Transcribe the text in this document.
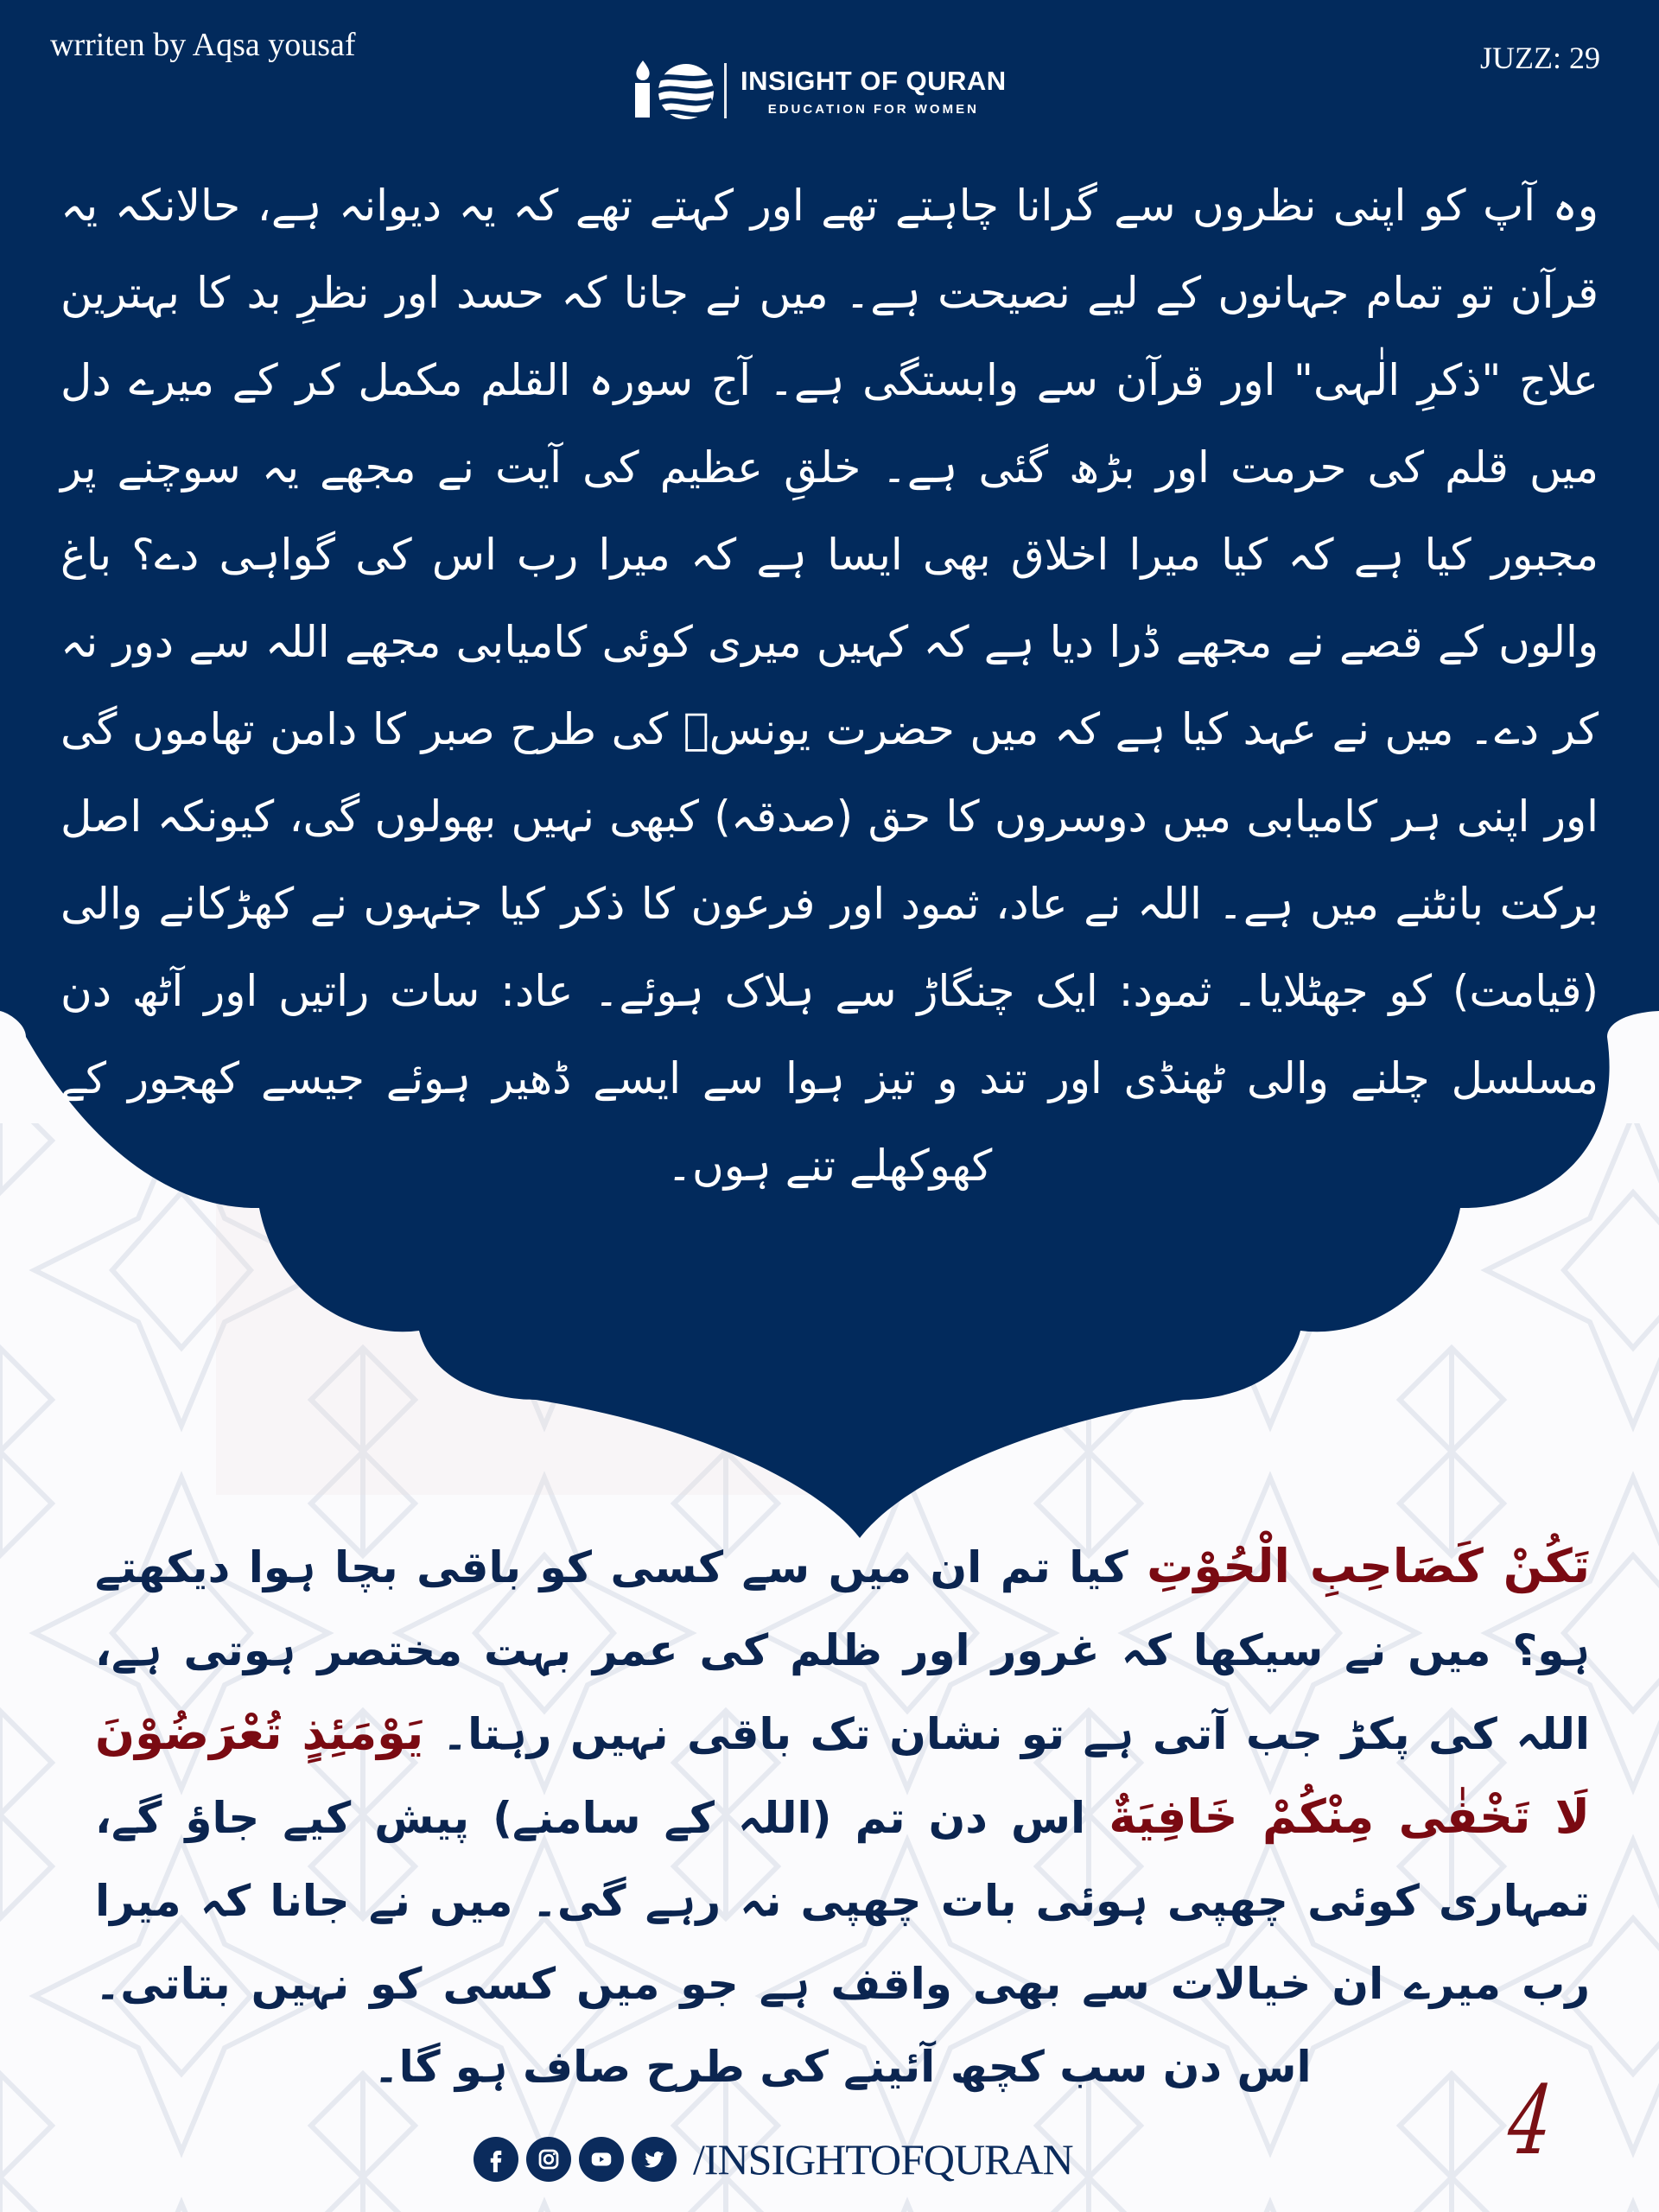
wrriten by Aqsa yousaf	JUZZ: 29
INSIGHT OF QURAN
EDUCATION FOR WOMEN

وہ آپ کو اپنی نظروں سے گرانا چاہتے تھے اور کہتے تھے کہ یہ دیوانہ ہے، حالانکہ یہ قرآن تو تمام جہانوں کے لیے نصیحت ہے۔ میں نے جانا کہ حسد اور نظرِ بد کا بہترین علاج "ذکرِ الٰہی" اور قرآن سے وابستگی ہے۔ آج سورہ القلم مکمل کر کے میرے دل میں قلم کی حرمت اور بڑھ گئی ہے۔ خلقِ عظیم کی آیت نے مجھے یہ سوچنے پر مجبور کیا ہے کہ کیا میرا اخلاق بھی ایسا ہے کہ میرا رب اس کی گواہی دے؟ باغ والوں کے قصے نے مجھے ڈرا دیا ہے کہ کہیں میری کوئی کامیابی مجھے اللہ سے دور نہ کر دے۔ میں نے عہد کیا ہے کہ میں حضرت یونسؑ کی طرح صبر کا دامن تھاموں گی اور اپنی ہر کامیابی میں دوسروں کا حق (صدقہ) کبھی نہیں بھولوں گی، کیونکہ اصل برکت بانٹنے میں ہے۔ اللہ نے عاد، ثمود اور فرعون کا ذکر کیا جنہوں نے کھڑکانے والی (قیامت) کو جھٹلایا۔ ثمود: ایک چنگاڑ سے ہلاک ہوئے۔ عاد: سات راتیں اور آٹھ دن مسلسل چلنے والی ٹھنڈی اور تند و تیز ہوا سے ایسے ڈھیر ہوئے جیسے کھجور کے کھوکھلے تنے ہوں۔

تَكُنْ كَصَاحِبِ الْحُوْتِ کیا تم ان میں سے کسی کو باقی بچا ہوا دیکھتے ہو؟ میں نے سیکھا کہ غرور اور ظلم کی عمر بہت مختصر ہوتی ہے، اللہ کی پکڑ جب آتی ہے تو نشان تک باقی نہیں رہتا۔ يَوْمَئِذٍ تُعْرَضُوْنَ لَا تَخْفٰى مِنْكُمْ خَافِيَةٌ اس دن تم (اللہ کے سامنے) پیش کیے جاؤ گے، تمہاری کوئی چھپی ہوئی بات چھپی نہ رہے گی۔ میں نے جانا کہ میرا رب میرے ان خیالات سے بھی واقف ہے جو میں کسی کو نہیں بتاتی۔ اس دن سب کچھ آئینے کی طرح صاف ہو گا۔
/INSIGHTOFQURAN	4
